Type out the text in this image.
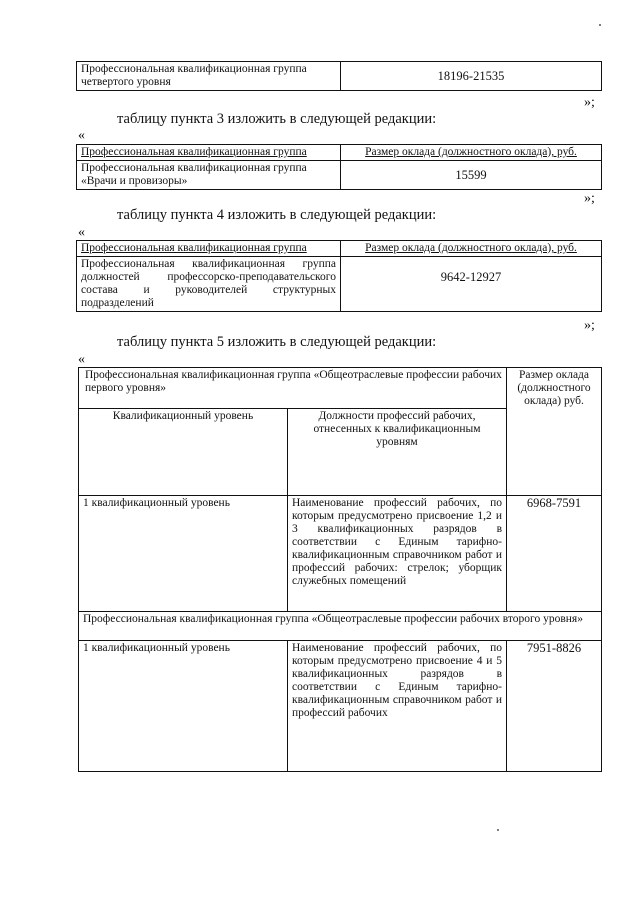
Профессиональная квалификационная группа четвертого уровня	18196-21535
»;
таблицу пункта 3 изложить в следующей редакции:
«
Профессиональная квалификационная группа	Размер оклада (должностного оклада), руб.
Профессиональная квалификационная группа «Врачи и провизоры»	15599
»;
таблицу пункта 4 изложить в следующей редакции:
«
Профессиональная квалификационная группа	Размер оклада (должностного оклада), руб.
Профессиональная квалификационная группа должностей профессорско-преподавательского состава и руководителей структурных подразделений	9642-12927
»;
таблицу пункта 5 изложить в следующей редакции:
«
Профессиональная квалификационная группа «Общеотраслевые профессии рабочих первого уровня»		Размер оклада (должностного оклада) руб.
Квалификационный уровень	Должности профессий рабочих, отнесенных к квалификационным уровням	
1 квалификационный уровень	Наименование профессий рабочих, по которым предусмотрено присвоение 1,2 и 3 квалификационных разрядов в соответствии с Единым тарифно-квалификационным справочником работ и профессий рабочих: стрелок; уборщик служебных помещений	6968-7591
Профессиональная квалификационная группа «Общеотраслевые профессии рабочих второго уровня»		
1 квалификационный уровень	Наименование профессий рабочих, по которым предусмотрено присвоение 4 и 5 квалификационных разрядов в соответствии с Единым тарифно-квалификационным справочником работ и профессий рабочих	7951-8826
